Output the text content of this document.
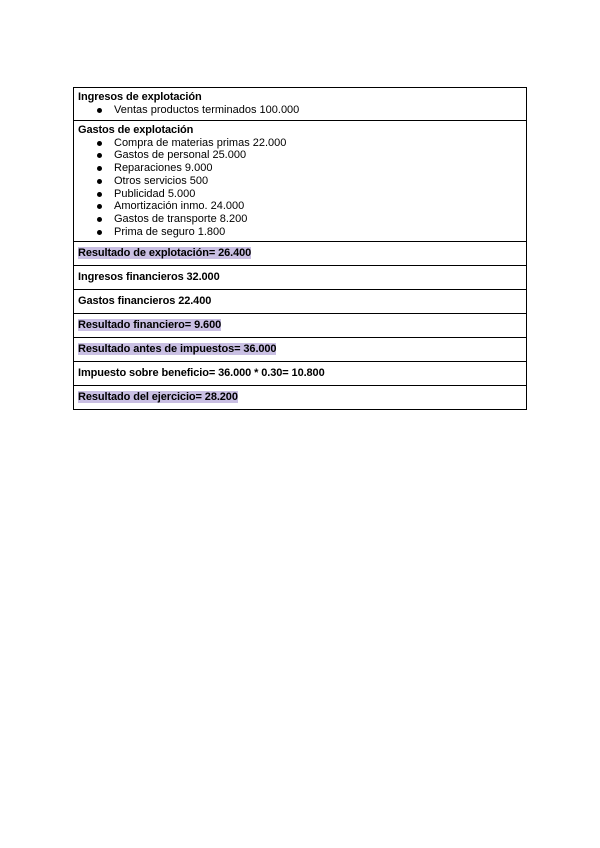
Ingresos de explotación
Ventas productos terminados 100.000

Gastos de explotación
Compra de materias primas 22.000
Gastos de personal 25.000
Reparaciones 9.000
Otros servicios 500
Publicidad 5.000
Amortización inmo. 24.000
Gastos de transporte 8.200
Prima de seguro 1.800

Resultado de explotación= 26.400
Ingresos financieros 32.000
Gastos financieros 22.400
Resultado financiero= 9.600
Resultado antes de impuestos= 36.000
Impuesto sobre beneficio= 36.000 * 0.30= 10.800
Resultado del ejercicio= 28.200
